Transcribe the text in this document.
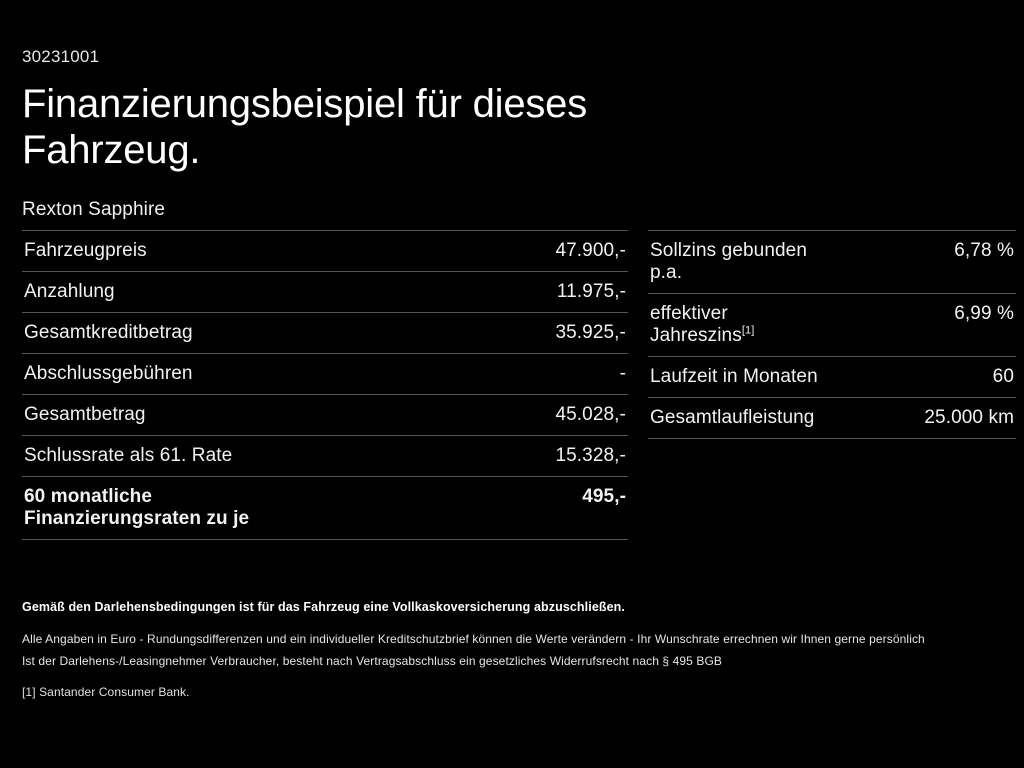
30231001
Finanzierungsbeispiel für dieses Fahrzeug.
Rexton Sapphire
Fahrzeugpreis	47.900,-
Anzahlung	11.975,-
Gesamtkreditbetrag	35.925,-
Abschlussgebühren	-
Gesamtbetrag	45.028,-
Schlussrate als 61. Rate	15.328,-
60 monatliche Finanzierungsraten zu je	495,-
Sollzins gebunden p.a.	6,78 %
effektiver Jahreszins[1]	6,99 %
Laufzeit in Monaten	60
Gesamtlaufleistung	25.000 km
Gemäß den Darlehensbedingungen ist für das Fahrzeug eine Vollkaskoversicherung abzuschließen.
Alle Angaben in Euro - Rundungsdifferenzen und ein individueller Kreditschutzbrief können die Werte verändern - Ihr Wunschrate errechnen wir Ihnen gerne persönlich
Ist der Darlehens-/Leasingnehmer Verbraucher, besteht nach Vertragsabschluss ein gesetzliches Widerrufsrecht nach § 495 BGB
[1] Santander Consumer Bank.
